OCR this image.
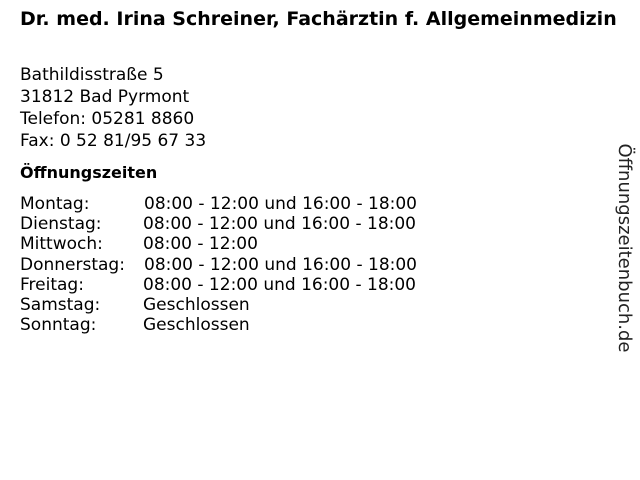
Dr. med. Irina Schreiner, Fachärztin f. Allgemeinmedizin
Bathildisstraße 5
31812 Bad Pyrmont
Telefon: 05281 8860
Fax: 0 52 81/95 67 33
Öffnungszeiten
Montag:	08:00 - 12:00 und 16:00 - 18:00
Dienstag: 08:00 - 12:00 und 16:00 - 18:00
Mittwoch: 08:00 - 12:00
Donnerstag: 08:00 - 12:00 und 16:00 - 18:00
Freitag:	08:00 - 12:00 und 16:00 - 18:00
Samstag:	Geschlossen
Sonntag:	Geschlossen	Öffnungszeitenbuch.de
